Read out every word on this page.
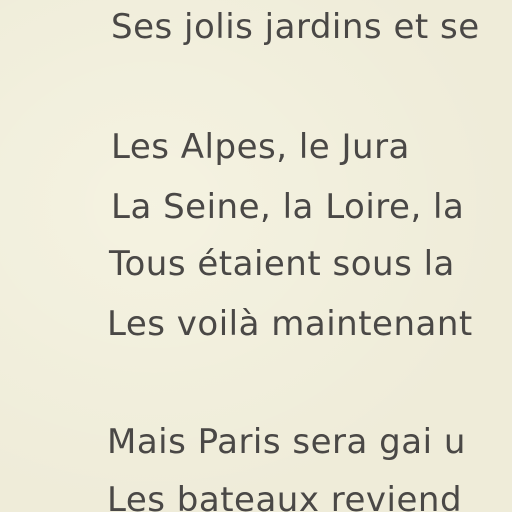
Ses jolis jardins et se
Les Alpes, le Jura
La Seine, la Loire, la
Tous étaient sous la
Les voilà maintenant
Mais Paris sera gai u
Les bateaux reviend
